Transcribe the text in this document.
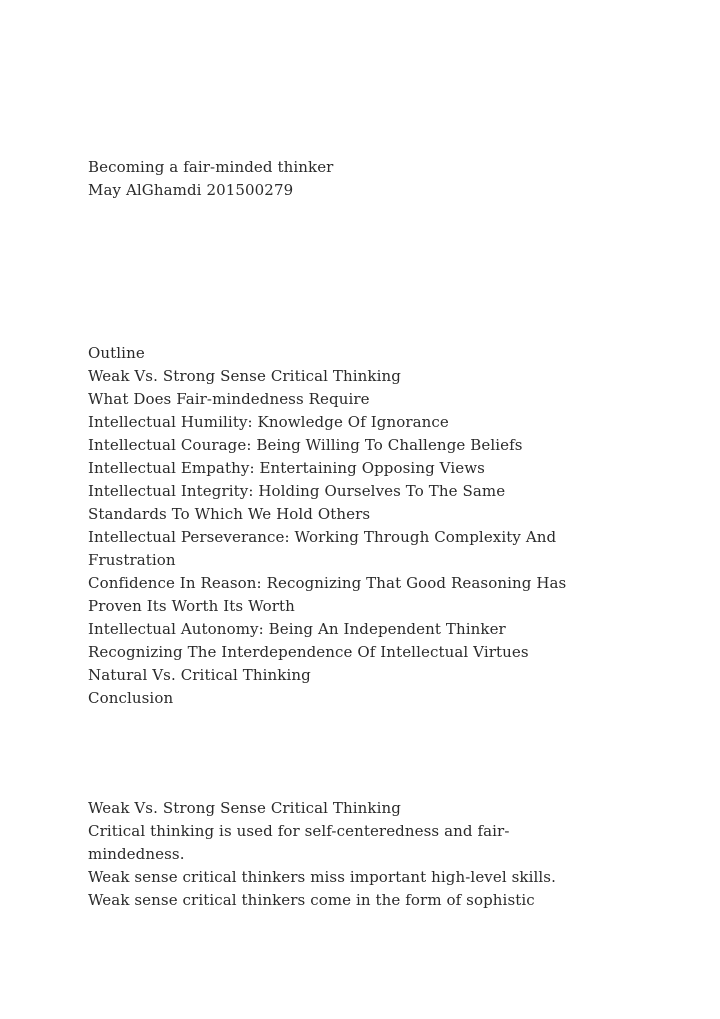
Becoming a fair-minded thinker
May AlGhamdi 201500279
Outline
Weak Vs. Strong Sense Critical Thinking
What Does Fair-mindedness Require
Intellectual Humility: Knowledge Of Ignorance
Intellectual Courage: Being Willing To Challenge Beliefs
Intellectual Empathy: Entertaining Opposing Views
Intellectual Integrity: Holding Ourselves To The Same
Standards To Which We Hold Others
Intellectual Perseverance: Working Through Complexity And
Frustration
Confidence In Reason: Recognizing That Good Reasoning Has
Proven Its Worth Its Worth
Intellectual Autonomy: Being An Independent Thinker
Recognizing The Interdependence Of Intellectual Virtues
Natural Vs. Critical Thinking
Conclusion
Weak Vs. Strong Sense Critical Thinking
Critical thinking is used for self-centeredness and fair-
mindedness.
Weak sense critical thinkers miss important high-level skills.
Weak sense critical thinkers come in the form of sophistic
